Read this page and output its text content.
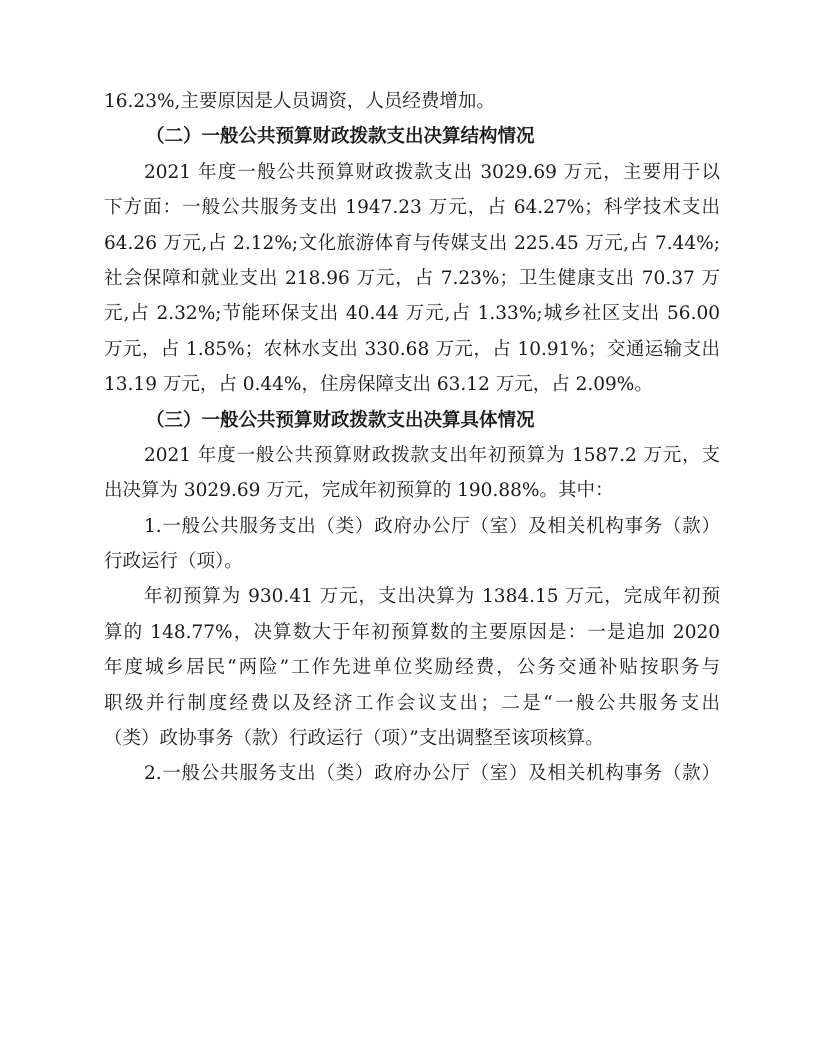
16.23%,主要原因是人员调资，人员经费增加。
（二）一般公共预算财政拨款支出决算结构情况
2021 年度一般公共预算财政拨款支出 3029.69 万元，主要用于以
下方面：一般公共服务支出 1947.23 万元，占 64.27%；科学技术支出
64.26 万元,占 2.12%;文化旅游体育与传媒支出 225.45 万元,占 7.44%;
社会保障和就业支出 218.96 万元，占 7.23%；卫生健康支出 70.37 万
元,占 2.32%;节能环保支出 40.44 万元,占 1.33%;城乡社区支出 56.00
万元，占 1.85%；农林水支出 330.68 万元，占 10.91%；交通运输支出
13.19 万元，占 0.44%，住房保障支出 63.12 万元，占 2.09%。
（三）一般公共预算财政拨款支出决算具体情况
2021 年度一般公共预算财政拨款支出年初预算为 1587.2 万元，支
出决算为 3029.69 万元，完成年初预算的 190.88%。其中：
1.一般公共服务支出（类）政府办公厅（室）及相关机构事务（款）
行政运行（项）。
年初预算为 930.41 万元，支出决算为 1384.15 万元，完成年初预
算的 148.77%，决算数大于年初预算数的主要原因是：一是追加 2020
年度城乡居民“两险”工作先进单位奖励经费，公务交通补贴按职务与
职级并行制度经费以及经济工作会议支出；二是“一般公共服务支出
（类）政协事务（款）行政运行（项）”支出调整至该项核算。
2.一般公共服务支出（类）政府办公厅（室）及相关机构事务（款）
